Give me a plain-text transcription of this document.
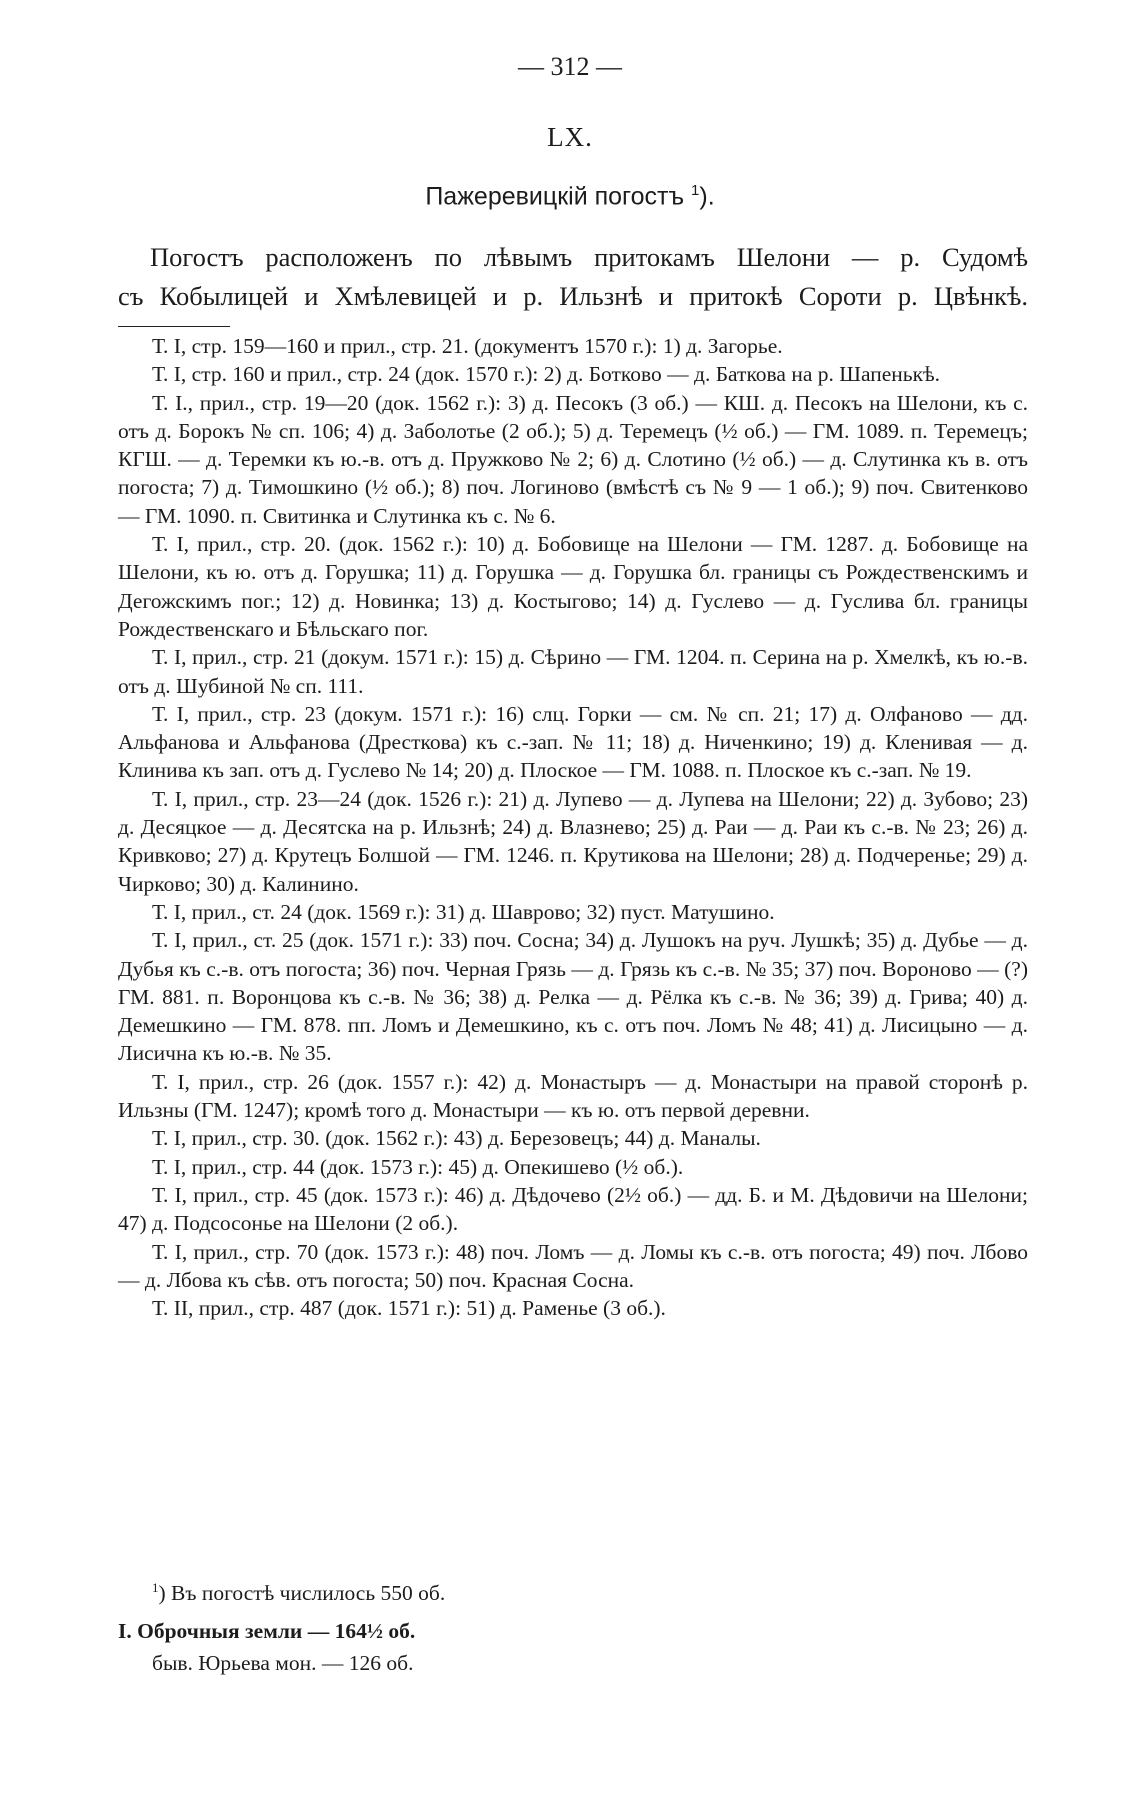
— 312 —
LX.
Пажеревицкій погостъ $^1$).
Погостъ расположенъ по лѣвымъ притокамъ Шелони — р. Судомѣ
съ Кобылицей и Хмѣлевицей и р. Ильзнѣ и притокѣ Сороти р. Цвѣнкѣ.

Т. I, стр. 159—160 и прил., стр. 21. (документъ 1570 г.): 1) д. Загорье.

Т. I, стр. 160 и прил., стр. 24 (док. 1570 г.): 2) д. Ботково — д. Баткова на р. Шапенькѣ.

Т. I., прил., стр. 19—20 (док. 1562 г.): 3) д. Песокъ (3 об.) — КШ. д. Песокъ на Шелони, къ с. отъ д. Борокъ № сп. 106; 4) д. Заболотье (2 об.); 5) д. Теремецъ (½ об.) — ГМ. 1089. п. Теремецъ; КГШ. — д. Теремки къ ю.-в. отъ д. Пружково № 2; 6) д. Слотино (½ об.) — д. Слутинка къ в. отъ погоста; 7) д. Тимошкино (½ об.); 8) поч. Логиново (вмѣстѣ съ № 9 — 1 об.); 9) поч. Свитенково — ГМ. 1090. п. Свитинка и Слутинка къ с. № 6.

Т. I, прил., стр. 20. (док. 1562 г.): 10) д. Бобовище на Шелони — ГМ. 1287. д. Бобовище на Шелони, къ ю. отъ д. Горушка; 11) д. Горушка — д. Горушка бл. границы съ Рождественскимъ и Дегожскимъ пог.; 12) д. Новинка; 13) д. Костыгово; 14) д. Гуслево — д. Гуслива бл. границы Рождественскаго и Бѣльскаго пог.

Т. I, прил., стр. 21 (докум. 1571 г.): 15) д. Сѣрино — ГМ. 1204. п. Серина на р. Хмелкѣ, къ ю.-в. отъ д. Шубиной № сп. 111.

Т. I, прил., стр. 23 (докум. 1571 г.): 16) слц. Горки — см. № сп. 21; 17) д. Олфаново — дд. Альфанова и Альфанова (Дресткова) къ с.-зап. № 11; 18) д. Ниченкино; 19) д. Кленивая — д. Клинива къ зап. отъ д. Гуслево № 14; 20) д. Плоское — ГМ. 1088. п. Плоское къ с.-зап. № 19.

Т. I, прил., стр. 23—24 (док. 1526 г.): 21) д. Лупево — д. Лупева на Шелони; 22) д. Зубово; 23) д. Десяцкое — д. Десятска на р. Ильзнѣ; 24) д. Влазнево; 25) д. Раи — д. Раи къ с.-в. № 23; 26) д. Кривково; 27) д. Крутецъ Болшой — ГМ. 1246. п. Крутикова на Шелони; 28) д. Подчеренье; 29) д. Чирково; 30) д. Калинино.

Т. I, прил., ст. 24 (док. 1569 г.): 31) д. Шаврово; 32) пуст. Матушино.

Т. I, прил., ст. 25 (док. 1571 г.): 33) поч. Сосна; 34) д. Лушокъ на руч. Лушкѣ; 35) д. Дубье — д. Дубья къ с.-в. отъ погоста; 36) поч. Черная Грязь — д. Грязь къ с.-в. № 35; 37) поч. Вороново — (?) ГМ. 881. п. Воронцова къ с.-в. № 36; 38) д. Релка — д. Рёлка къ с.-в. № 36; 39) д. Грива; 40) д. Демешкино — ГМ. 878. пп. Ломъ и Демешкино, къ с. отъ поч. Ломъ № 48; 41) д. Лисицыно — д. Лисична къ ю.-в. № 35.

Т. I, прил., стр. 26 (док. 1557 г.): 42) д. Монастыръ — д. Монастыри на правой сторонѣ р. Ильзны (ГМ. 1247); кромѣ того д. Монастыри — къ ю. отъ первой деревни.

Т. I, прил., стр. 30. (док. 1562 г.): 43) д. Березовецъ; 44) д. Маналы.

Т. I, прил., стр. 44 (док. 1573 г.): 45) д. Опекишево (½ об.).

Т. I, прил., стр. 45 (док. 1573 г.): 46) д. Дѣдочево (2½ об.) — дд. Б. и М. Дѣдовичи на Шелони; 47) д. Подсосонье на Шелони (2 об.).

Т. I, прил., стр. 70 (док. 1573 г.): 48) поч. Ломъ — д. Ломы къ с.-в. отъ погоста; 49) поч. Лбово — д. Лбова къ сѣв. отъ погоста; 50) поч. Красная Сосна.

Т. II, прил., стр. 487 (док. 1571 г.): 51) д. Раменье (3 об.).

$^1$) Въ погостѣ числилось 550 об.
I. Оброчныя земли — 164½ об.
быв. Юрьева мон. — 126 об.
